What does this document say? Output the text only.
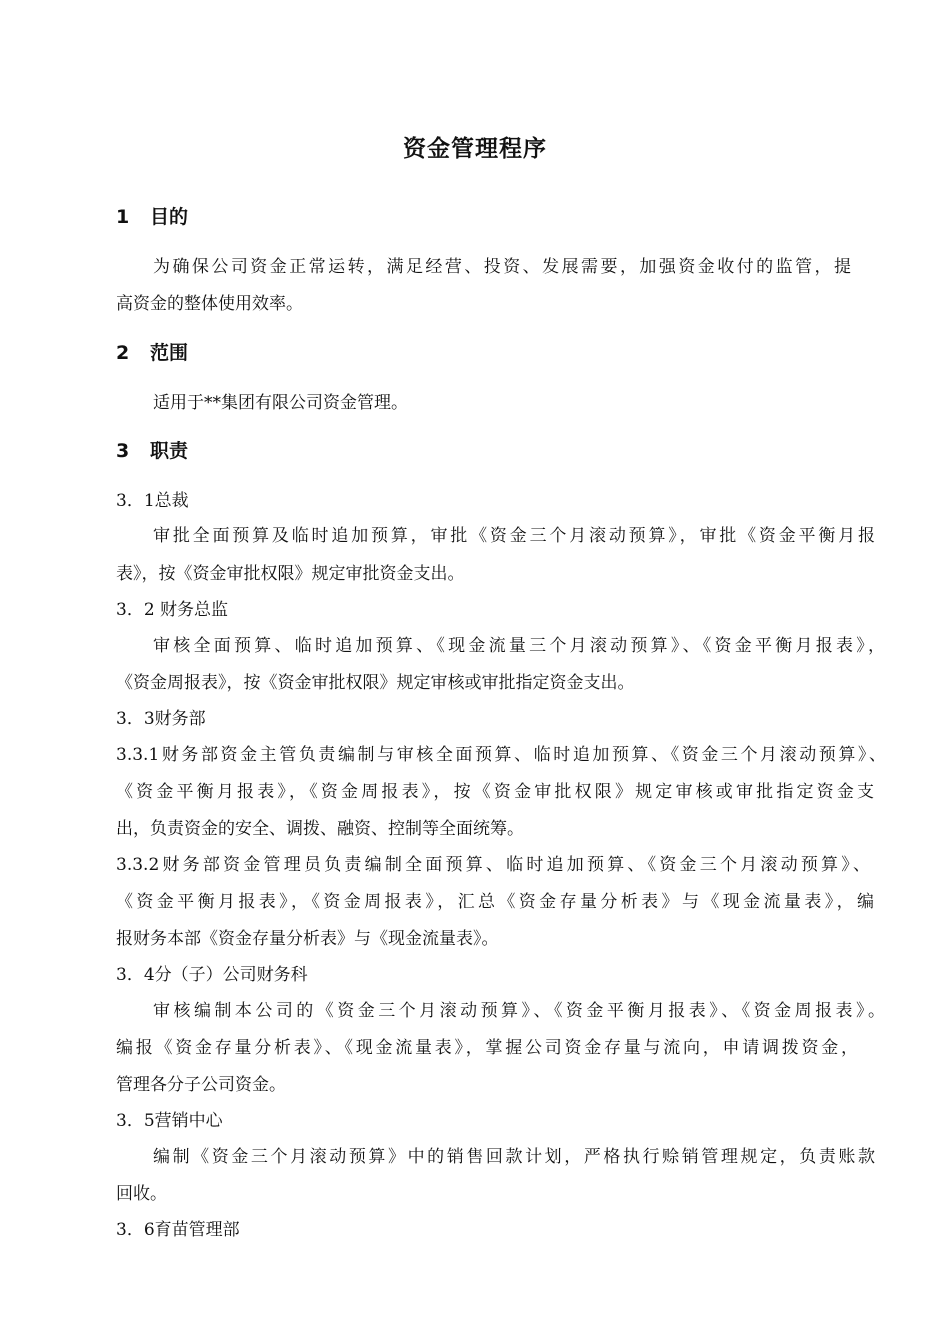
资金管理程序
1 目的
为确保公司资金正常运转，满足经营、投资、发展需要，加强资金收付的监管，提
高资金的整体使用效率。
2 范围
适用于**集团有限公司资金管理。
3 职责
3．1总裁
审批全面预算及临时追加预算，审批《资金三个月滚动预算》，审批《资金平衡月报
表》，按《资金审批权限》规定审批资金支出。
3．2 财务总监
审核全面预算、临时追加预算、《现金流量三个月滚动预算》、《资金平衡月报表》，
《资金周报表》，按《资金审批权限》规定审核或审批指定资金支出。
3．3财务部
3.3.1财务部资金主管负责编制与审核全面预算、临时追加预算、《资金三个月滚动预算》、
《资金平衡月报表》，《资金周报表》，按《资金审批权限》规定审核或审批指定资金支
出，负责资金的安全、调拨、融资、控制等全面统筹。
3.3.2财务部资金管理员负责编制全面预算、临时追加预算、《资金三个月滚动预算》、
《资金平衡月报表》，《资金周报表》，汇总《资金存量分析表》与《现金流量表》，编
报财务本部《资金存量分析表》与《现金流量表》。
3．4分（子）公司财务科
审核编制本公司的《资金三个月滚动预算》、《资金平衡月报表》、《资金周报表》。
编报《资金存量分析表》、《现金流量表》，掌握公司资金存量与流向，申请调拨资金，
管理各分子公司资金。
3．5营销中心
编制《资金三个月滚动预算》中的销售回款计划，严格执行赊销管理规定，负责账款
回收。
3．6育苗管理部
